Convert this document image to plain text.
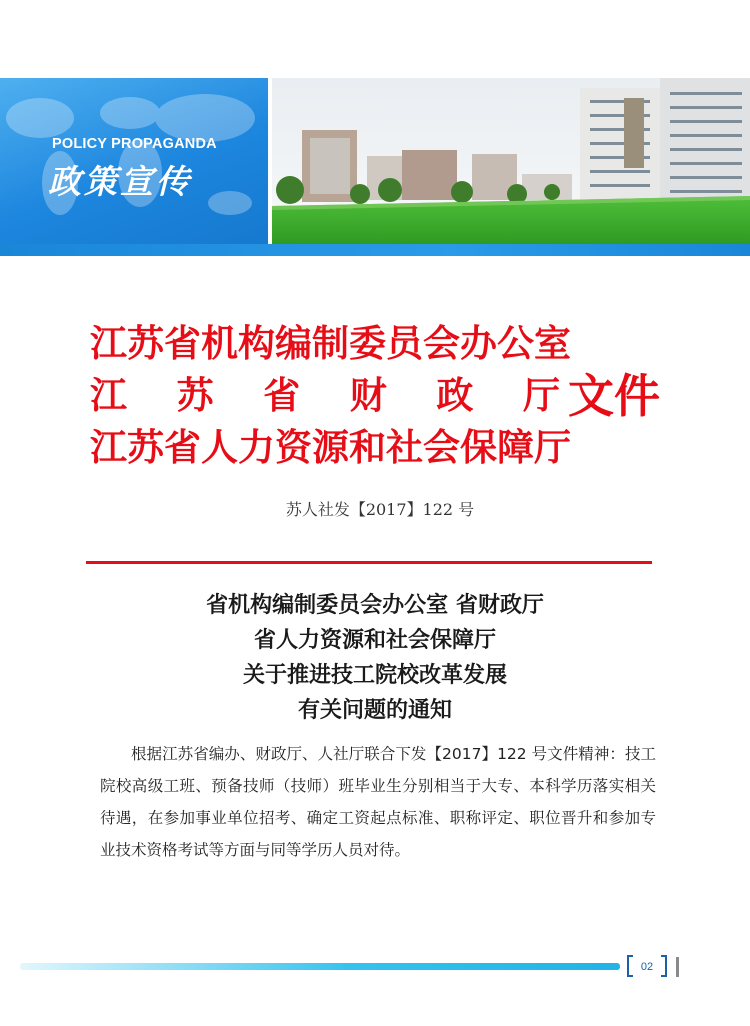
POLICY PROPAGANDA
政策宣传
江苏省机构编制委员会办公室
江 苏 省 财 政 厅
江苏省人力资源和社会保障厅
文件
苏人社发【2017】122 号
省机构编制委员会办公室 省财政厅
省人力资源和社会保障厅
关于推进技工院校改革发展
有关问题的通知
根据江苏省编办、财政厅、人社厅联合下发【2017】122 号文件精神：技工院校高级工班、预备技师（技师）班毕业生分别相当于大专、本科学历落实相关待遇，在参加事业单位招考、确定工资起点标准、职称评定、职位晋升和参加专业技术资格考试等方面与同等学历人员对待。
02
